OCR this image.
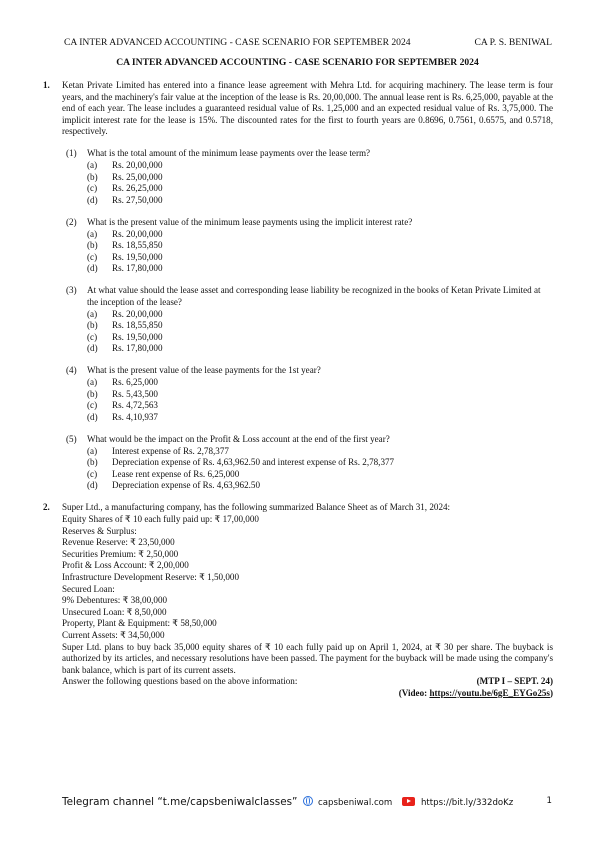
CA INTER ADVANCED ACCOUNTING - CASE SCENARIO FOR SEPTEMBER 2024	CA P. S. BENIWAL
CA INTER ADVANCED ACCOUNTING - CASE SCENARIO FOR SEPTEMBER 2024
1. Ketan Private Limited has entered into a finance lease agreement with Mehra Ltd. for acquiring machinery. The lease term is four years, and the machinery's fair value at the inception of the lease is Rs. 20,00,000. The annual lease rent is Rs. 6,25,000, payable at the end of each year. The lease includes a guaranteed residual value of Rs. 1,25,000 and an expected residual value of Rs. 3,75,000. The implicit interest rate for the lease is 15%. The discounted rates for the first to fourth years are 0.8696, 0.7561, 0.6575, and 0.5718, respectively.
(1) What is the total amount of the minimum lease payments over the lease term?
(a) Rs. 20,00,000
(b) Rs. 25,00,000
(c) Rs. 26,25,000
(d) Rs. 27,50,000
(2) What is the present value of the minimum lease payments using the implicit interest rate?
(a) Rs. 20,00,000
(b) Rs. 18,55,850
(c) Rs. 19,50,000
(d) Rs. 17,80,000
(3) At what value should the lease asset and corresponding lease liability be recognized in the books of Ketan Private Limited at the inception of the lease?
(a) Rs. 20,00,000
(b) Rs. 18,55,850
(c) Rs. 19,50,000
(d) Rs. 17,80,000
(4) What is the present value of the lease payments for the 1st year?
(a) Rs. 6,25,000
(b) Rs. 5,43,500
(c) Rs. 4,72,563
(d) Rs. 4,10,937
(5) What would be the impact on the Profit & Loss account at the end of the first year?
(a) Interest expense of Rs. 2,78,377
(b) Depreciation expense of Rs. 4,63,962.50 and interest expense of Rs. 2,78,377
(c) Lease rent expense of Rs. 6,25,000
(d) Depreciation expense of Rs. 4,63,962.50
2. Super Ltd., a manufacturing company, has the following summarized Balance Sheet as of March 31, 2024:
Equity Shares of ₹ 10 each fully paid up: ₹ 17,00,000
Reserves & Surplus:
Revenue Reserve: ₹ 23,50,000
Securities Premium: ₹ 2,50,000
Profit & Loss Account: ₹ 2,00,000
Infrastructure Development Reserve: ₹ 1,50,000
Secured Loan:
9% Debentures: ₹ 38,00,000
Unsecured Loan: ₹ 8,50,000
Property, Plant & Equipment: ₹ 58,50,000
Current Assets: ₹ 34,50,000
Super Ltd. plans to buy back 35,000 equity shares of ₹ 10 each fully paid up on April 1, 2024, at ₹ 30 per share. The buyback is authorized by its articles, and necessary resolutions have been passed. The payment for the buyback will be made using the company's bank balance, which is part of its current assets.
Answer the following questions based on the above information:	(MTP I – SEPT. 24)
(Video: https://youtu.be/6gE_EYGo25s)
Telegram channel “t.me/capsbeniwalclasses” capsbeniwal.com	https://bit.ly/332doKz	1
